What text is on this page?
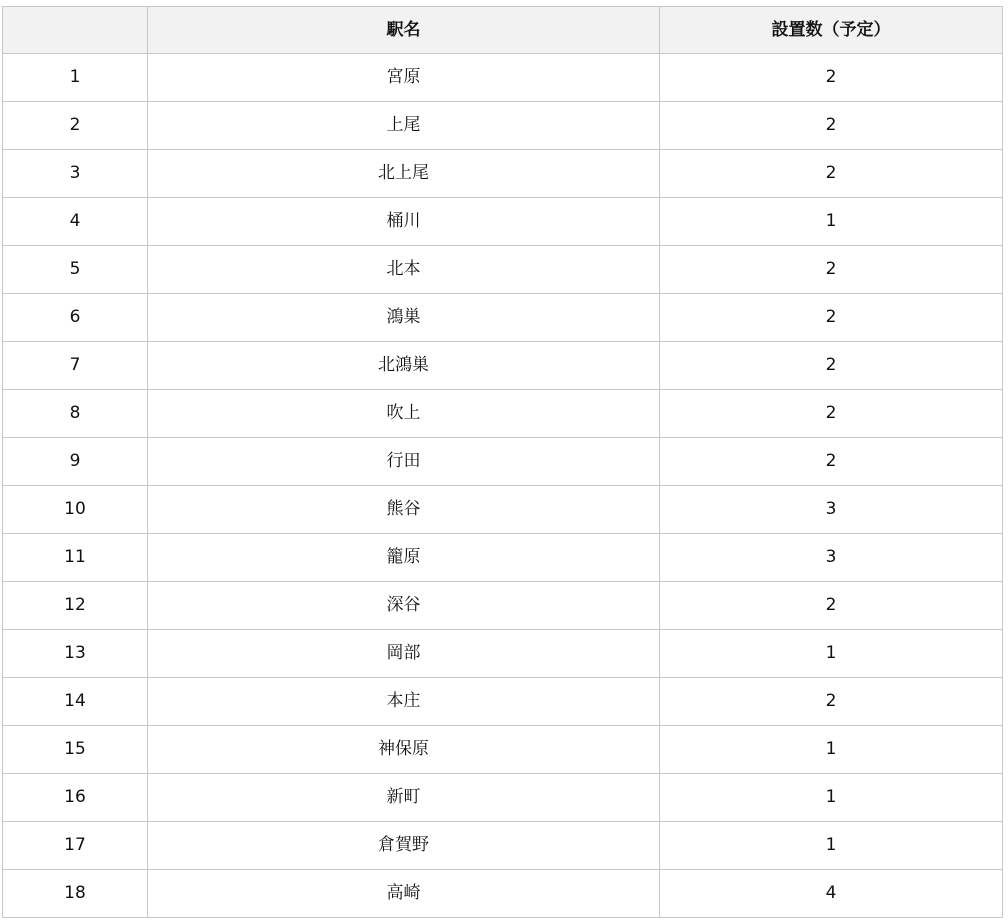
	駅名	設置数（予定）
1	宮原	2
2	上尾	2
3	北上尾	2
4	桶川	1
5	北本	2
6	鴻巣	2
7	北鴻巣	2
8	吹上	2
9	行田	2
10	熊谷	3
11	籠原	3
12	深谷	2
13	岡部	1
14	本庄	2
15	神保原	1
16	新町	1
17	倉賀野	1
18	高崎	4
